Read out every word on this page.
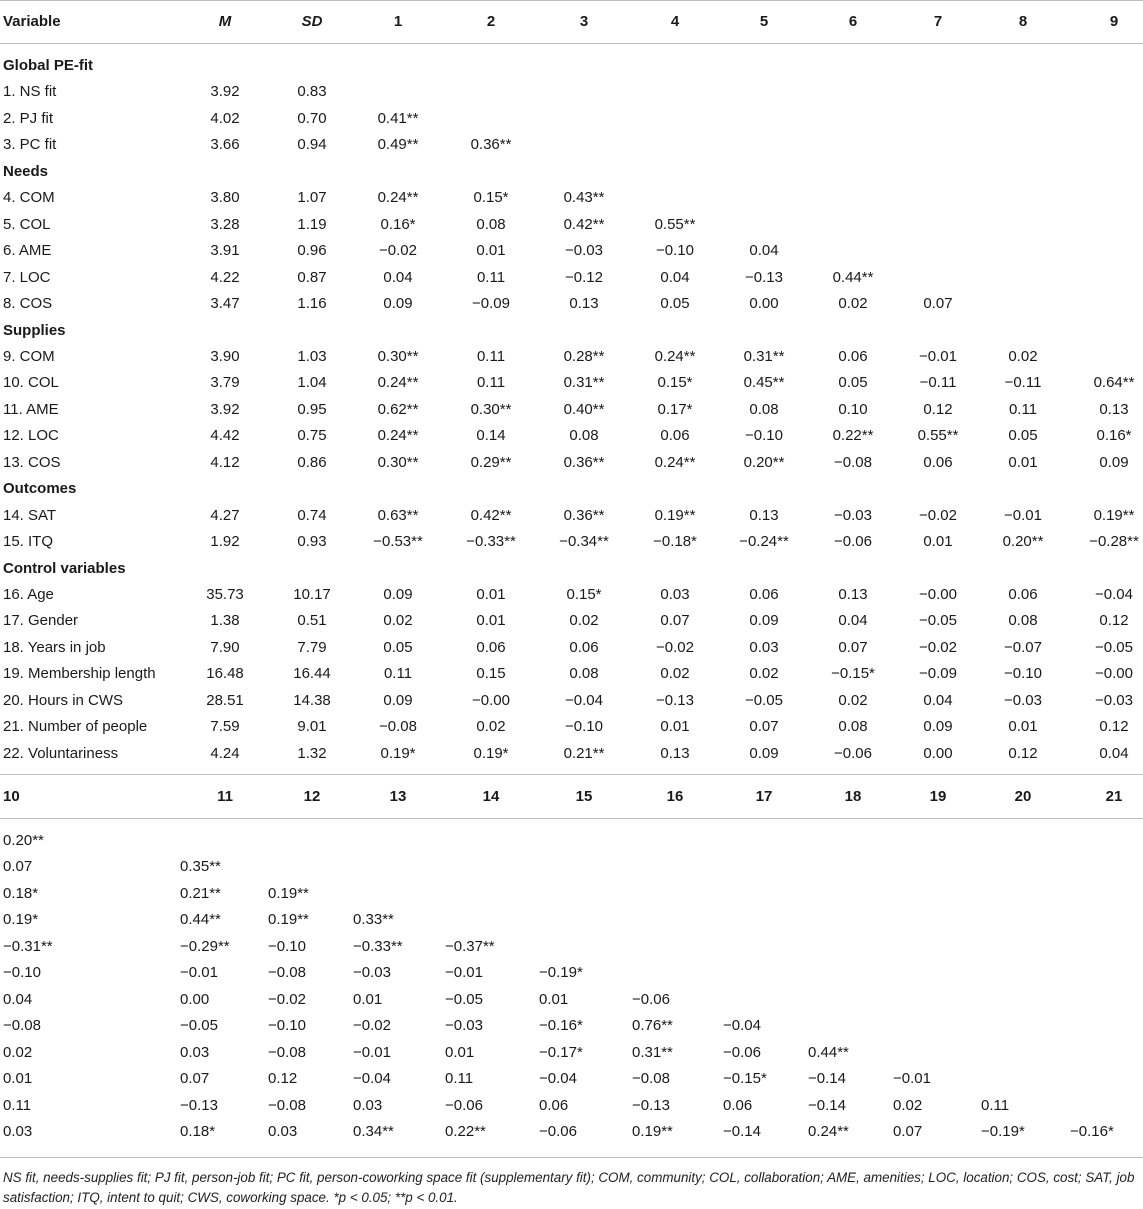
Variable	M	SD	1	2	3	4	5	6	7	8	9
Global PE-fit
1. NS fit	3.92	0.83
2. PJ fit	4.02	0.70	0.41**
3. PC fit	3.66	0.94	0.49**	0.36**
Needs
4. COM	3.80	1.07	0.24**	0.15*	0.43**
5. COL	3.28	1.19	0.16*	0.08	0.42**	0.55**
6. AME	3.91	0.96	−0.02	0.01	−0.03	−0.10	0.04
7. LOC	4.22	0.87	0.04	0.11	−0.12	0.04	−0.13	0.44**
8. COS	3.47	1.16	0.09	−0.09	0.13	0.05	0.00	0.02	0.07
Supplies
9. COM	3.90	1.03	0.30**	0.11	0.28**	0.24**	0.31**	0.06	−0.01	0.02
10. COL	3.79	1.04	0.24**	0.11	0.31**	0.15*	0.45**	0.05	−0.11	−0.11	0.64**
11. AME	3.92	0.95	0.62**	0.30**	0.40**	0.17*	0.08	0.10	0.12	0.11	0.13
12. LOC	4.42	0.75	0.24**	0.14	0.08	0.06	−0.10	0.22**	0.55**	0.05	0.16*
13. COS	4.12	0.86	0.30**	0.29**	0.36**	0.24**	0.20**	−0.08	0.06	0.01	0.09
Outcomes
14. SAT	4.27	0.74	0.63**	0.42**	0.36**	0.19**	0.13	−0.03	−0.02	−0.01	0.19**
15. ITQ	1.92	0.93	−0.53**	−0.33**	−0.34**	−0.18*	−0.24**	−0.06	0.01	0.20**	−0.28**
Control variables
16. Age	35.73	10.17	0.09	0.01	0.15*	0.03	0.06	0.13	−0.00	0.06	−0.04
17. Gender	1.38	0.51	0.02	0.01	0.02	0.07	0.09	0.04	−0.05	0.08	0.12
18. Years in job	7.90	7.79	0.05	0.06	0.06	−0.02	0.03	0.07	−0.02	−0.07	−0.05
19. Membership length	16.48	16.44	0.11	0.15	0.08	0.02	0.02	−0.15*	−0.09	−0.10	−0.00
20. Hours in CWS	28.51	14.38	0.09	−0.00	−0.04	−0.13	−0.05	0.02	0.04	−0.03	−0.03
21. Number of people	7.59	9.01	−0.08	0.02	−0.10	0.01	0.07	0.08	0.09	0.01	0.12
22. Voluntariness	4.24	1.32	0.19*	0.19*	0.21**	0.13	0.09	−0.06	0.00	0.12	0.04
10	11	12	13	14	15	16	17	18	19	20	21
0.20**
0.07	0.35**
0.18*	0.21**	0.19**
0.19*	0.44**	0.19**	0.33**
−0.31**	−0.29**	−0.10	−0.33**	−0.37**
−0.10	−0.01	−0.08	−0.03	−0.01	−0.19*
0.04	0.00	−0.02	0.01	−0.05	0.01	−0.06
−0.08	−0.05	−0.10	−0.02	−0.03	−0.16*	0.76**	−0.04
0.02	0.03	−0.08	−0.01	0.01	−0.17*	0.31**	−0.06	0.44**
0.01	0.07	0.12	−0.04	0.11	−0.04	−0.08	−0.15*	−0.14	−0.01
0.11	−0.13	−0.08	0.03	−0.06	0.06	−0.13	0.06	−0.14	0.02	0.11
0.03	0.18*	0.03	0.34**	0.22**	−0.06	0.19**	−0.14	0.24**	0.07	−0.19*	−0.16*
NS fit, needs-supplies fit; PJ fit, person-job fit; PC fit, person-coworking space fit (supplementary fit); COM, community; COL, collaboration; AME, amenities; LOC, location; COS, cost; SAT, job satisfaction; ITQ, intent to quit; CWS, coworking space. *p < 0.05; **p < 0.01.
